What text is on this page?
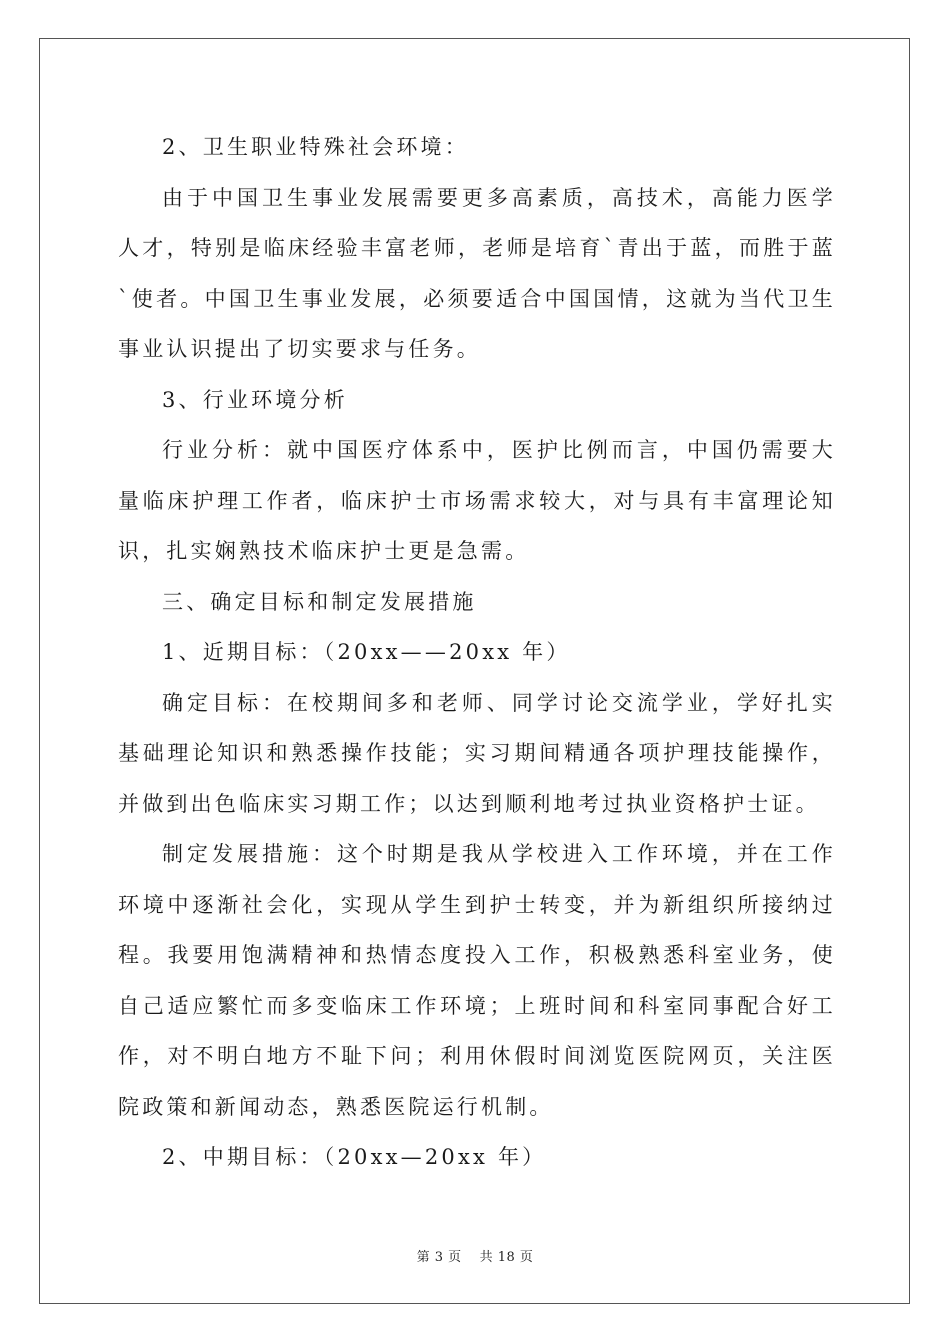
2、卫生职业特殊社会环境：

由于中国卫生事业发展需要更多高素质，高技术，高能力医学人才，特别是临床经验丰富老师，老师是培育`青出于蓝，而胜于蓝`使者。中国卫生事业发展，必须要适合中国国情，这就为当代卫生事业认识提出了切实要求与任务。

3、行业环境分析

行业分析：就中国医疗体系中，医护比例而言，中国仍需要大量临床护理工作者，临床护士市场需求较大，对与具有丰富理论知识，扎实娴熟技术临床护士更是急需。

三、确定目标和制定发展措施

1、近期目标：（20xx——20xx 年）

确定目标：在校期间多和老师、同学讨论交流学业，学好扎实基础理论知识和熟悉操作技能；实习期间精通各项护理技能操作，并做到出色临床实习期工作；以达到顺利地考过执业资格护士证。

制定发展措施：这个时期是我从学校进入工作环境，并在工作环境中逐渐社会化，实现从学生到护士转变，并为新组织所接纳过程。我要用饱满精神和热情态度投入工作，积极熟悉科室业务，使自己适应繁忙而多变临床工作环境；上班时间和科室同事配合好工作，对不明白地方不耻下问；利用休假时间浏览医院网页，关注医院政策和新闻动态，熟悉医院运行机制。

2、中期目标：（20xx—20xx 年）

第 3 页 共 18 页
